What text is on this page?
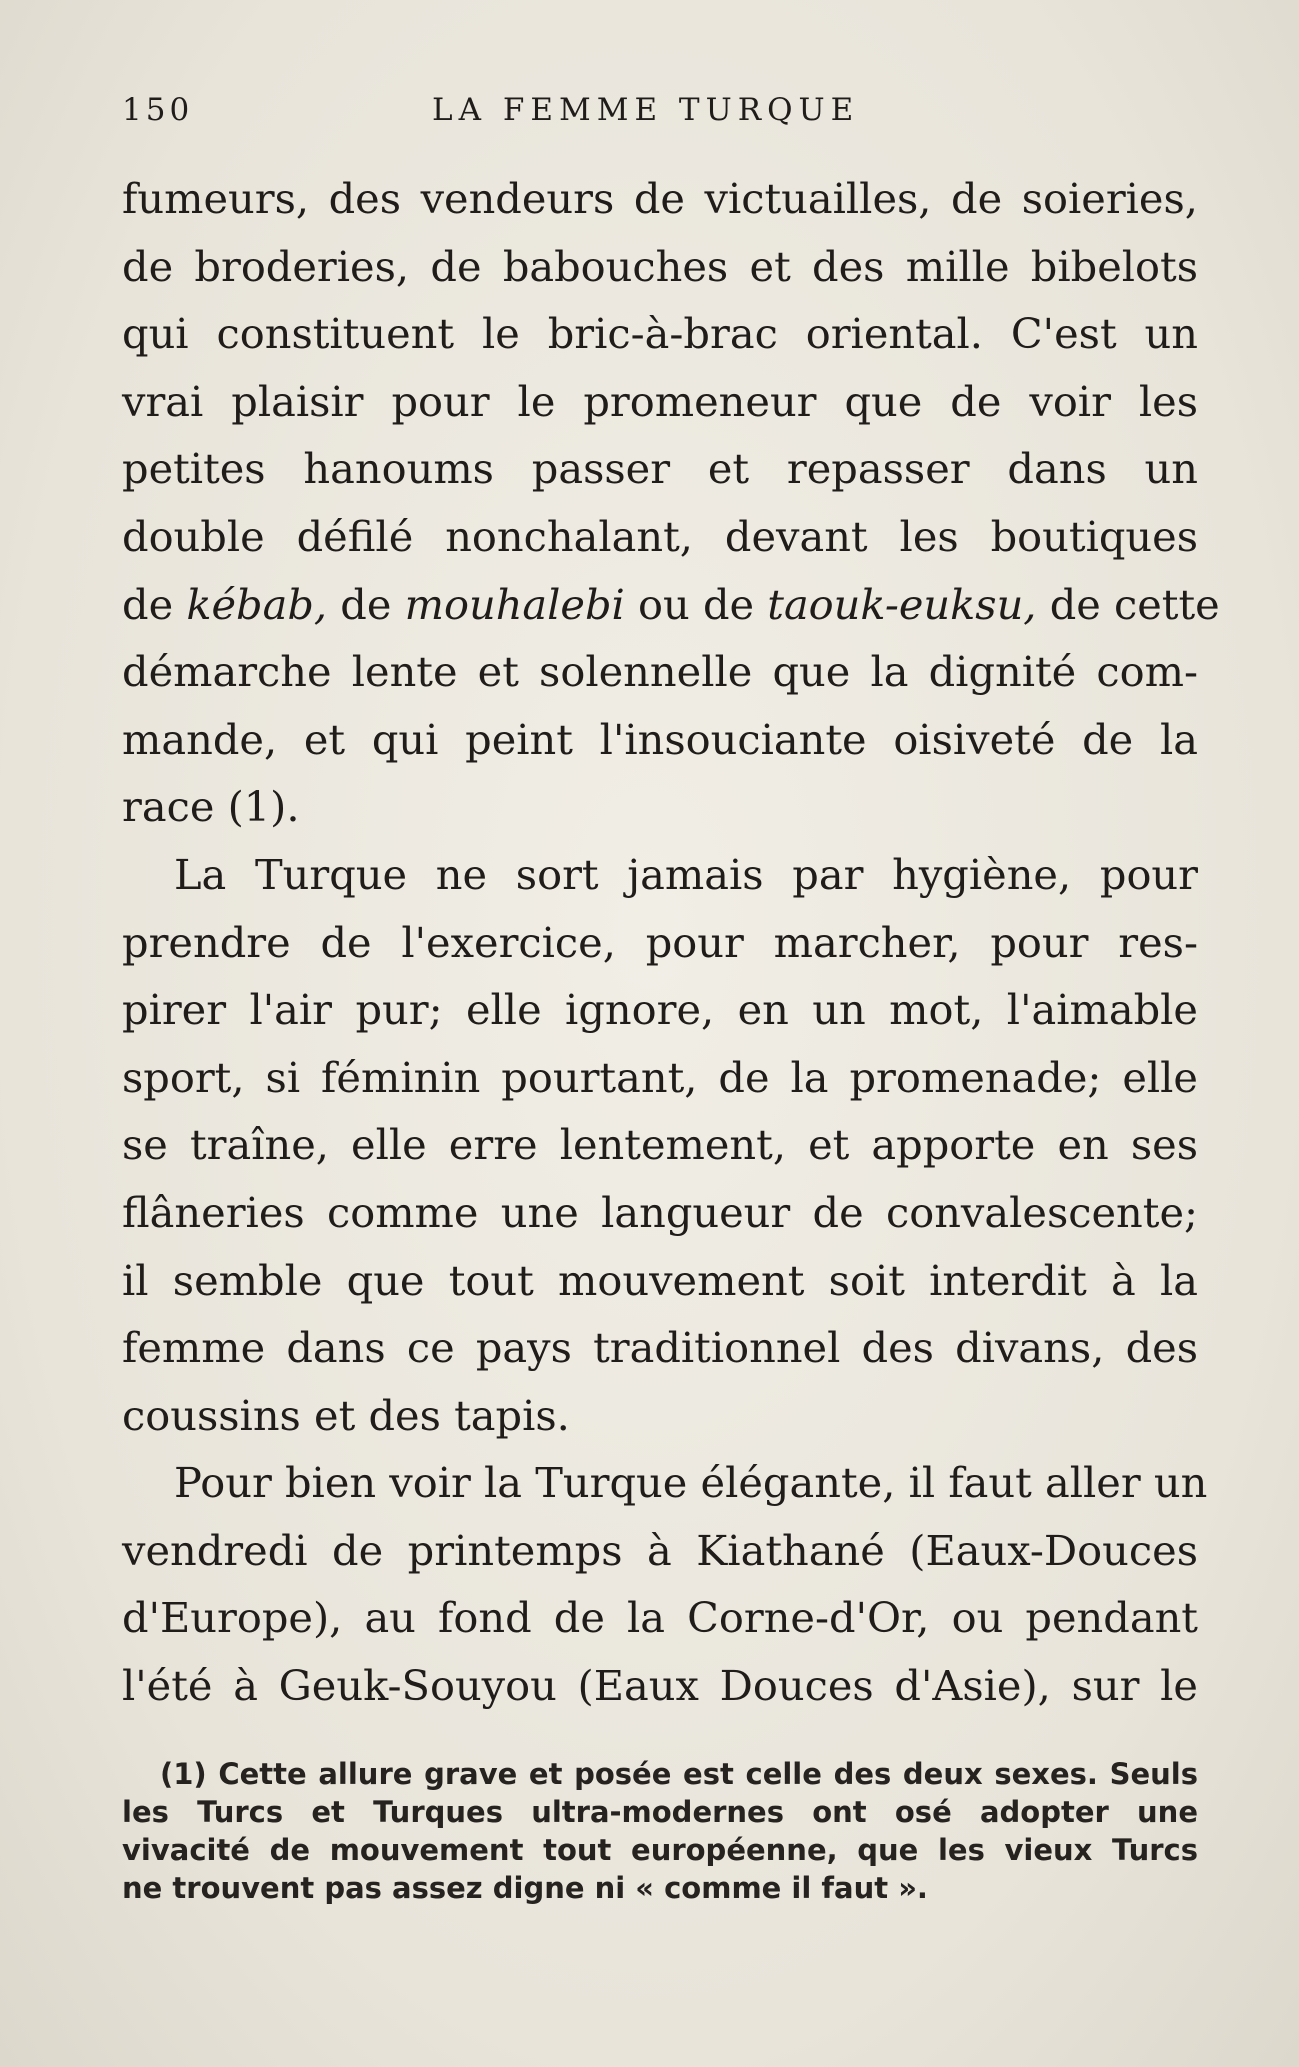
150	LA FEMME TURQUE
fumeurs, des vendeurs de victuailles, de soieries,
de broderies, de babouches et des mille bibelots
qui constituent le bric-à-brac oriental. C'est un
vrai plaisir pour le promeneur que de voir les
petites hanoums passer et repasser dans un
double défilé nonchalant, devant les boutiques
de kébab, de mouhalebi ou de taouk-euksu, de cette
démarche lente et solennelle que la dignité com-
mande, et qui peint l'insouciante oisiveté de la
race (1).
La Turque ne sort jamais par hygiène, pour
prendre de l'exercice, pour marcher, pour res-
pirer l'air pur; elle ignore, en un mot, l'aimable
sport, si féminin pourtant, de la promenade; elle
se traîne, elle erre lentement, et apporte en ses
flâneries comme une langueur de convalescente;
il semble que tout mouvement soit interdit à la
femme dans ce pays traditionnel des divans, des
coussins et des tapis.
Pour bien voir la Turque élégante, il faut aller un
vendredi de printemps à Kiathané (Eaux-Douces
d'Europe), au fond de la Corne-d'Or, ou pendant
l'été à Geuk-Souyou (Eaux Douces d'Asie), sur le
(1) Cette allure grave et posée est celle des deux sexes. Seuls
les Turcs et Turques ultra-modernes ont osé adopter une
vivacité de mouvement tout européenne, que les vieux Turcs
ne trouvent pas assez digne ni « comme il faut ».
